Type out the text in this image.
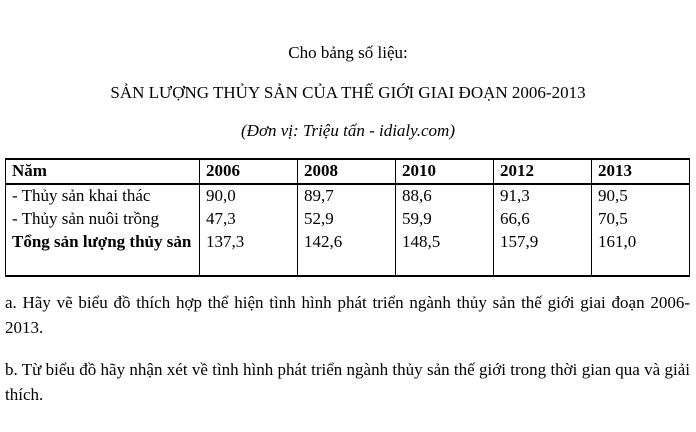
Cho bảng số liệu:
SẢN LƯỢNG THỦY SẢN CỦA THẾ GIỚI GIAI ĐOẠN 2006-2013
(Đơn vị: Triệu tấn - idialy.com)
Năm	2006	2008	2010	2012	2013
- Thủy sản khai thác	90,0	89,7	88,6	91,3	90,5
- Thủy sản nuôi trồng	47,3	52,9	59,9	66,6	70,5
Tổng sản lượng thủy sản	137,3	142,6	148,5	157,9	161,0
a. Hãy vẽ biểu đồ thích hợp thể hiện tình hình phát triển ngành thủy sản thế giới giai đoạn 2006-2013.
b. Từ biểu đồ hãy nhận xét về tình hình phát triển ngành thủy sản thế giới trong thời gian qua và giải thích.
